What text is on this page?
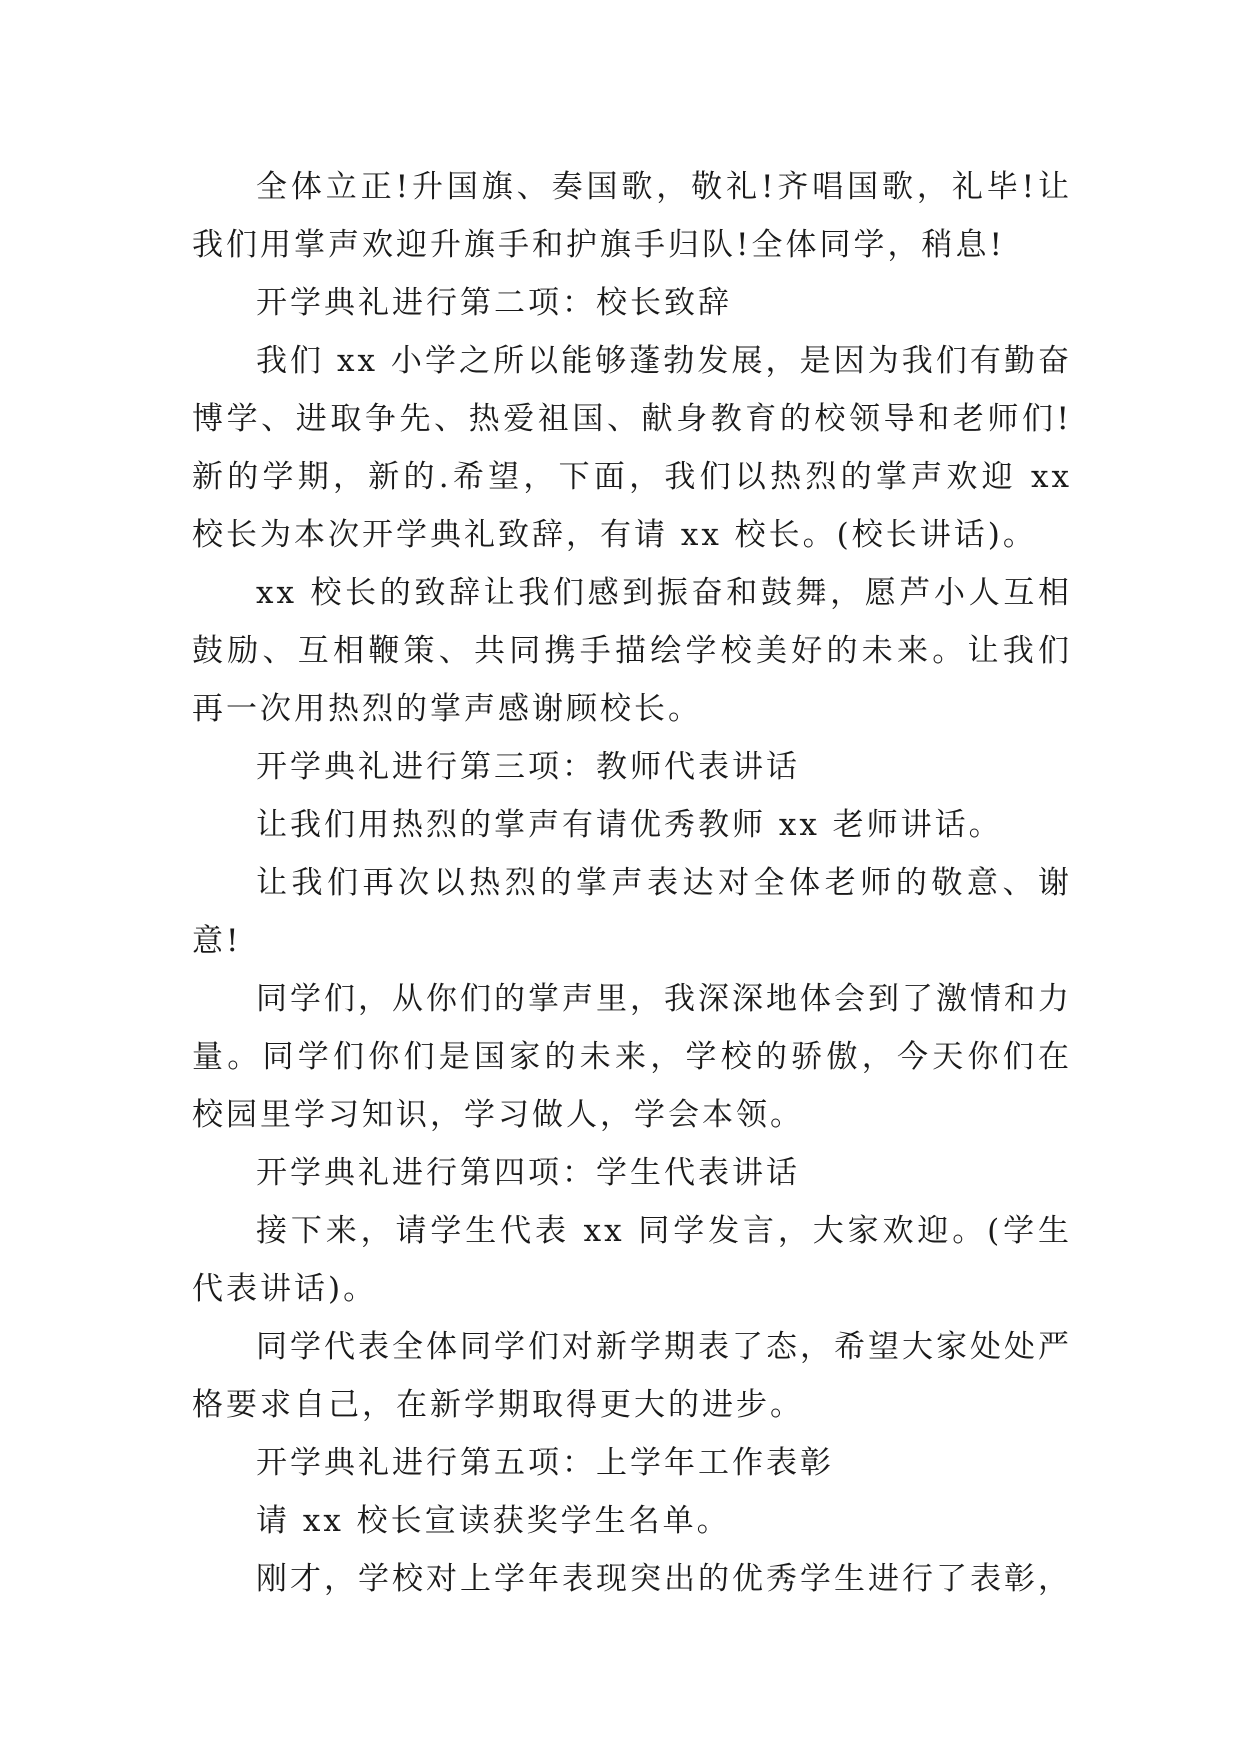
全体立正!升国旗、奏国歌，敬礼!齐唱国歌，礼毕!让我们用掌声欢迎升旗手和护旗手归队!全体同学，稍息!

开学典礼进行第二项：校长致辞

我们 xx 小学之所以能够蓬勃发展，是因为我们有勤奋博学、进取争先、热爱祖国、献身教育的校领导和老师们!新的学期，新的.希望，下面，我们以热烈的掌声欢迎 xx 校长为本次开学典礼致辞，有请 xx 校长。(校长讲话)。

xx 校长的致辞让我们感到振奋和鼓舞，愿芦小人互相鼓励、互相鞭策、共同携手描绘学校美好的未来。让我们再一次用热烈的掌声感谢顾校长。

开学典礼进行第三项：教师代表讲话

让我们用热烈的掌声有请优秀教师 xx 老师讲话。

让我们再次以热烈的掌声表达对全体老师的敬意、谢意!

同学们，从你们的掌声里，我深深地体会到了激情和力量。同学们你们是国家的未来，学校的骄傲，今天你们在校园里学习知识，学习做人，学会本领。

开学典礼进行第四项：学生代表讲话

接下来，请学生代表 xx 同学发言，大家欢迎。(学生代表讲话)。

同学代表全体同学们对新学期表了态，希望大家处处严格要求自己，在新学期取得更大的进步。

开学典礼进行第五项：上学年工作表彰

请 xx 校长宣读获奖学生名单。

刚才，学校对上学年表现突出的优秀学生进行了表彰，
